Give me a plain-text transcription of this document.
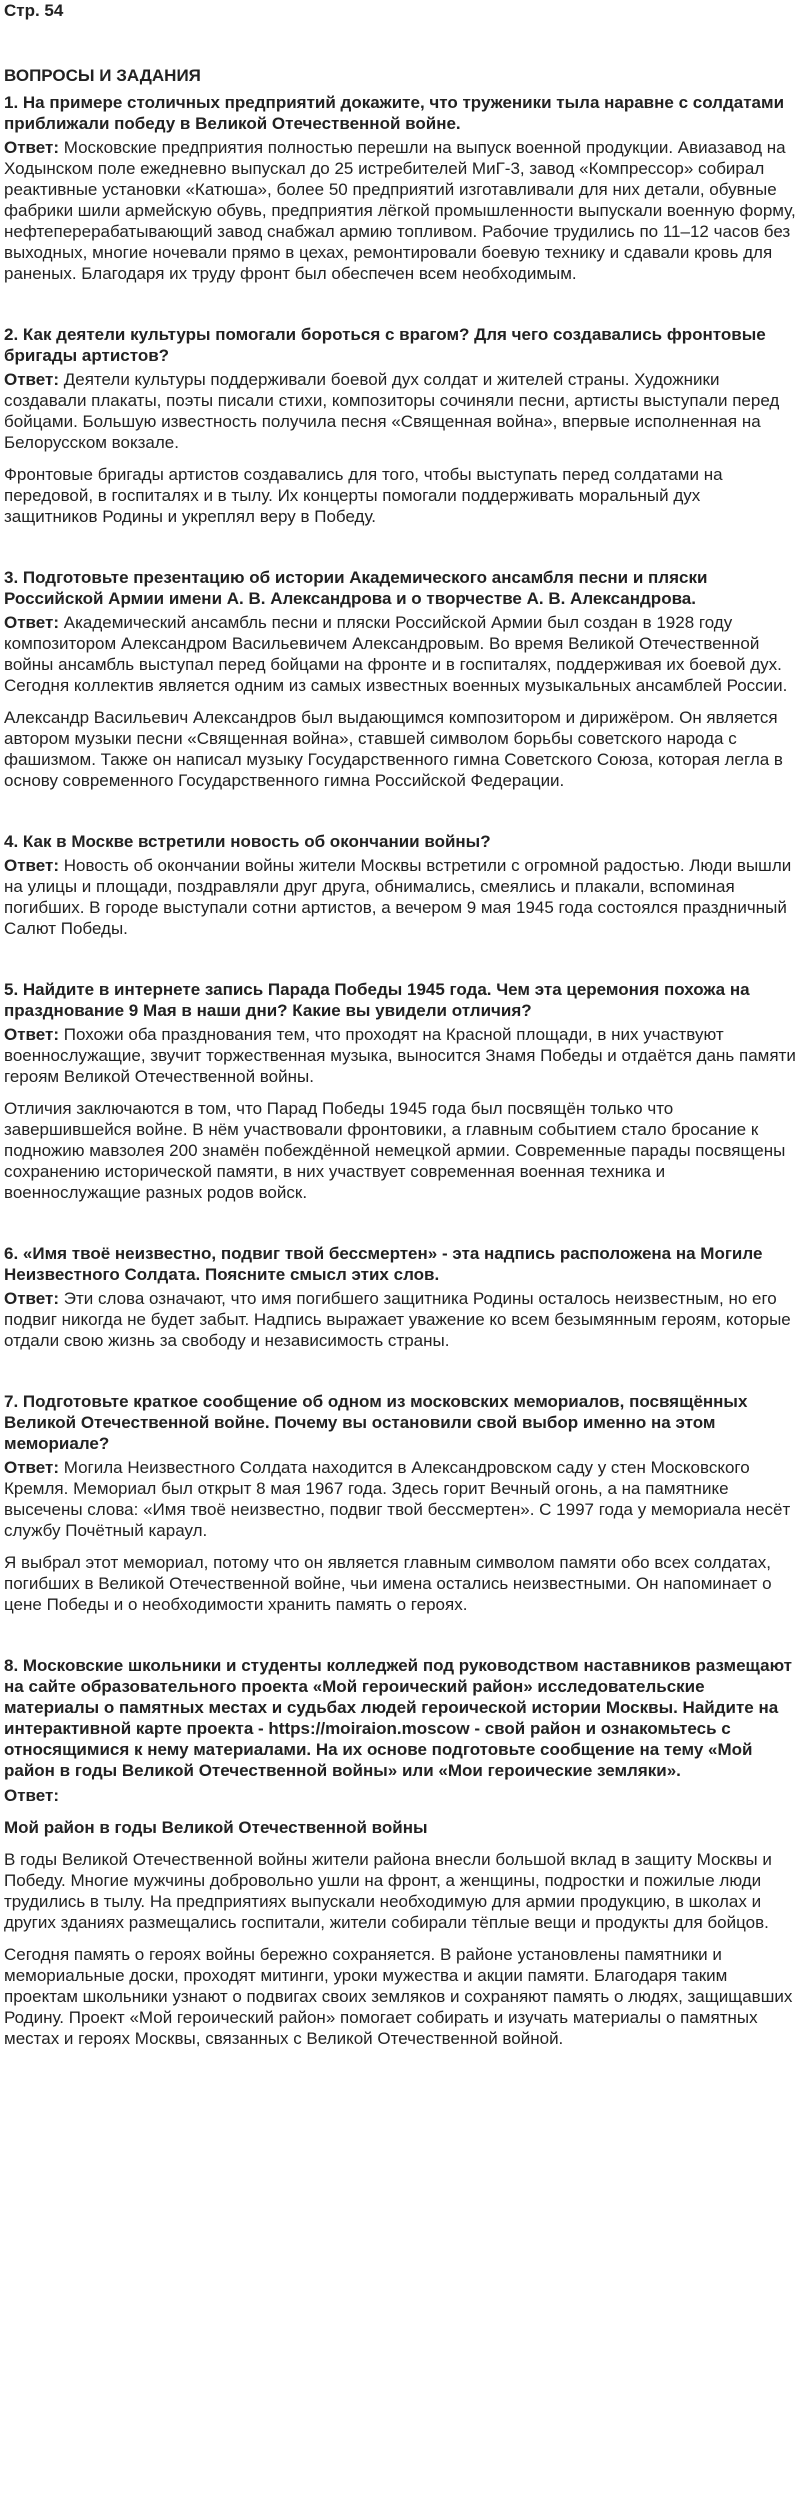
Стр. 54
ВОПРОСЫ И ЗАДАНИЯ
1. На примере столичных предприятий докажите, что труженики тыла наравне с солдатами приближали победу в Великой Отечественной войне.
Ответ: Московские предприятия полностью перешли на выпуск военной продукции. Авиазавод на Ходынском поле ежедневно выпускал до 25 истребителей МиГ-3, завод «Компрессор» собирал реактивные установки «Катюша», более 50 предприятий изготавливали для них детали, обувные фабрики шили армейскую обувь, предприятия лёгкой промышленности выпускали военную форму, нефтеперерабатывающий завод снабжал армию топливом. Рабочие трудились по 11–12 часов без выходных, многие ночевали прямо в цехах, ремонтировали боевую технику и сдавали кровь для раненых. Благодаря их труду фронт был обеспечен всем необходимым.
2. Как деятели культуры помогали бороться с врагом? Для чего создавались фронтовые бригады артистов?
Ответ: Деятели культуры поддерживали боевой дух солдат и жителей страны. Художники создавали плакаты, поэты писали стихи, композиторы сочиняли песни, артисты выступали перед бойцами. Большую известность получила песня «Священная война», впервые исполненная на Белорусском вокзале.
Фронтовые бригады артистов создавались для того, чтобы выступать перед солдатами на передовой, в госпиталях и в тылу. Их концерты помогали поддерживать моральный дух защитников Родины и укреплял веру в Победу.
3. Подготовьте презентацию об истории Академического ансамбля песни и пляски Российской Армии имени А. В. Александрова и о творчестве А. В. Александрова.
Ответ: Академический ансамбль песни и пляски Российской Армии был создан в 1928 году композитором Александром Васильевичем Александровым. Во время Великой Отечественной войны ансамбль выступал перед бойцами на фронте и в госпиталях, поддерживая их боевой дух. Сегодня коллектив является одним из самых известных военных музыкальных ансамблей России.
Александр Васильевич Александров был выдающимся композитором и дирижёром. Он является автором музыки песни «Священная война», ставшей символом борьбы советского народа с фашизмом. Также он написал музыку Государственного гимна Советского Союза, которая легла в основу современного Государственного гимна Российской Федерации.
4. Как в Москве встретили новость об окончании войны?
Ответ: Новость об окончании войны жители Москвы встретили с огромной радостью. Люди вышли на улицы и площади, поздравляли друг друга, обнимались, смеялись и плакали, вспоминая погибших. В городе выступали сотни артистов, а вечером 9 мая 1945 года состоялся праздничный Салют Победы.
5. Найдите в интернете запись Парада Победы 1945 года. Чем эта церемония похожа на празднование 9 Мая в наши дни? Какие вы увидели отличия?
Ответ: Похожи оба празднования тем, что проходят на Красной площади, в них участвуют военнослужащие, звучит торжественная музыка, выносится Знамя Победы и отдаётся дань памяти героям Великой Отечественной войны.
Отличия заключаются в том, что Парад Победы 1945 года был посвящён только что завершившейся войне. В нём участвовали фронтовики, а главным событием стало бросание к подножию мавзолея 200 знамён побеждённой немецкой армии. Современные парады посвящены сохранению исторической памяти, в них участвует современная военная техника и военнослужащие разных родов войск.
6. «Имя твоё неизвестно, подвиг твой бессмертен» - эта надпись расположена на Могиле Неизвестного Солдата. Поясните смысл этих слов.
Ответ: Эти слова означают, что имя погибшего защитника Родины осталось неизвестным, но его подвиг никогда не будет забыт. Надпись выражает уважение ко всем безымянным героям, которые отдали свою жизнь за свободу и независимость страны.
7. Подготовьте краткое сообщение об одном из московских мемориалов, посвящённых Великой Отечественной войне. Почему вы остановили свой выбор именно на этом мемориале?
Ответ: Могила Неизвестного Солдата находится в Александровском саду у стен Московского Кремля. Мемориал был открыт 8 мая 1967 года. Здесь горит Вечный огонь, а на памятнике высечены слова: «Имя твоё неизвестно, подвиг твой бессмертен». С 1997 года у мемориала несёт службу Почётный караул.
Я выбрал этот мемориал, потому что он является главным символом памяти обо всех солдатах, погибших в Великой Отечественной войне, чьи имена остались неизвестными. Он напоминает о цене Победы и о необходимости хранить память о героях.
8. Московские школьники и студенты колледжей под руководством наставников размещают на сайте образовательного проекта «Мой героический район» исследовательские материалы о памятных местах и судьбах людей героической истории Москвы. Найдите на интерактивной карте проекта - https://moiraion.moscow - свой район и ознакомьтесь с относящимися к нему материалами. На их основе подготовьте сообщение на тему «Мой район в годы Великой Отечественной войны» или «Мои героические земляки».
Ответ:
Мой район в годы Великой Отечественной войны
В годы Великой Отечественной войны жители района внесли большой вклад в защиту Москвы и Победу. Многие мужчины добровольно ушли на фронт, а женщины, подростки и пожилые люди трудились в тылу. На предприятиях выпускали необходимую для армии продукцию, в школах и других зданиях размещались госпитали, жители собирали тёплые вещи и продукты для бойцов.
Сегодня память о героях войны бережно сохраняется. В районе установлены памятники и мемориальные доски, проходят митинги, уроки мужества и акции памяти. Благодаря таким проектам школьники узнают о подвигах своих земляков и сохраняют память о людях, защищавших Родину. Проект «Мой героический район» помогает собирать и изучать материалы о памятных местах и героях Москвы, связанных с Великой Отечественной войной.
